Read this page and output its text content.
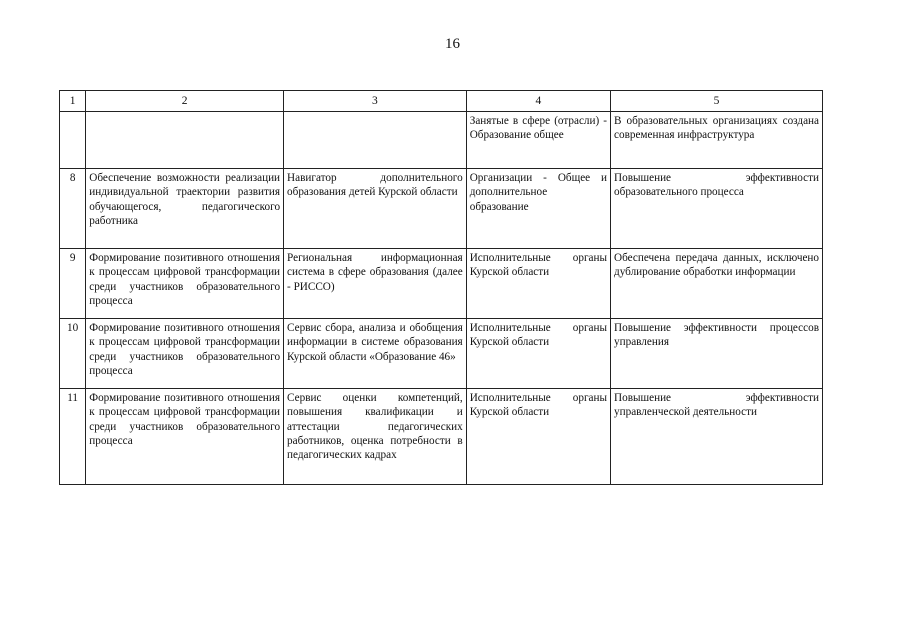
16
1	2	3	4	5
			Занятые в сфере (отрасли) - Образование общее	В образовательных организациях создана современная инфраструктура
8	Обеспечение возможности реализации индивидуальной траектории развития обучающегося, педагогического работника	Навигатор дополнительного образования детей Курской области	Организации - Общее и дополнительное образование	Повышение эффективности образовательного процесса
9	Формирование позитивного отношения к процессам цифровой трансформации среди участников образовательного процесса	Региональная информационная система в сфере образования (далее - РИССО)	Исполнительные органы Курской области	Обеспечена передача данных, исключено дублирование обработки информации
10	Формирование позитивного отношения к процессам цифровой трансформации среди участников образовательного процесса	Сервис сбора, анализа и обобщения информации в системе образования Курской области «Образование 46»	Исполнительные органы Курской области	Повышение эффективности процессов управления
11	Формирование позитивного отношения к процессам цифровой трансформации среди участников образовательного процесса	Сервис оценки компетенций, повышения квалификации и аттестации педагогических работников, оценка потребности в педагогических кадрах	Исполнительные органы Курской области	Повышение эффективности управленческой деятельности
